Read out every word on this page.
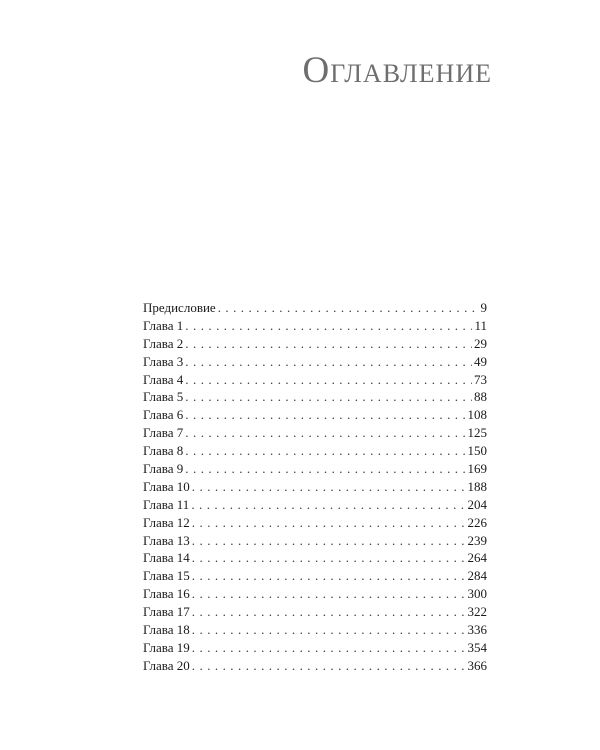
Оглавление
Предисловие . . .	9
Глава 1 . . .	11
Глава 2 . . .	29
Глава 3 . . .	49
Глава 4 . . .	73
Глава 5 . . .	88
Глава 6 . . .	108
Глава 7 . . .	125
Глава 8 . . .	150
Глава 9 . . .	169
Глава 10 . . .	188
Глава 11 . . .	204
Глава 12 . . .	226
Глава 13 . . .	239
Глава 14 . . .	264
Глава 15 . . .	284
Глава 16 . . .	300
Глава 17 . . .	322
Глава 18 . . .	336
Глава 19 . . .	354
Глава 20 . . .	366
